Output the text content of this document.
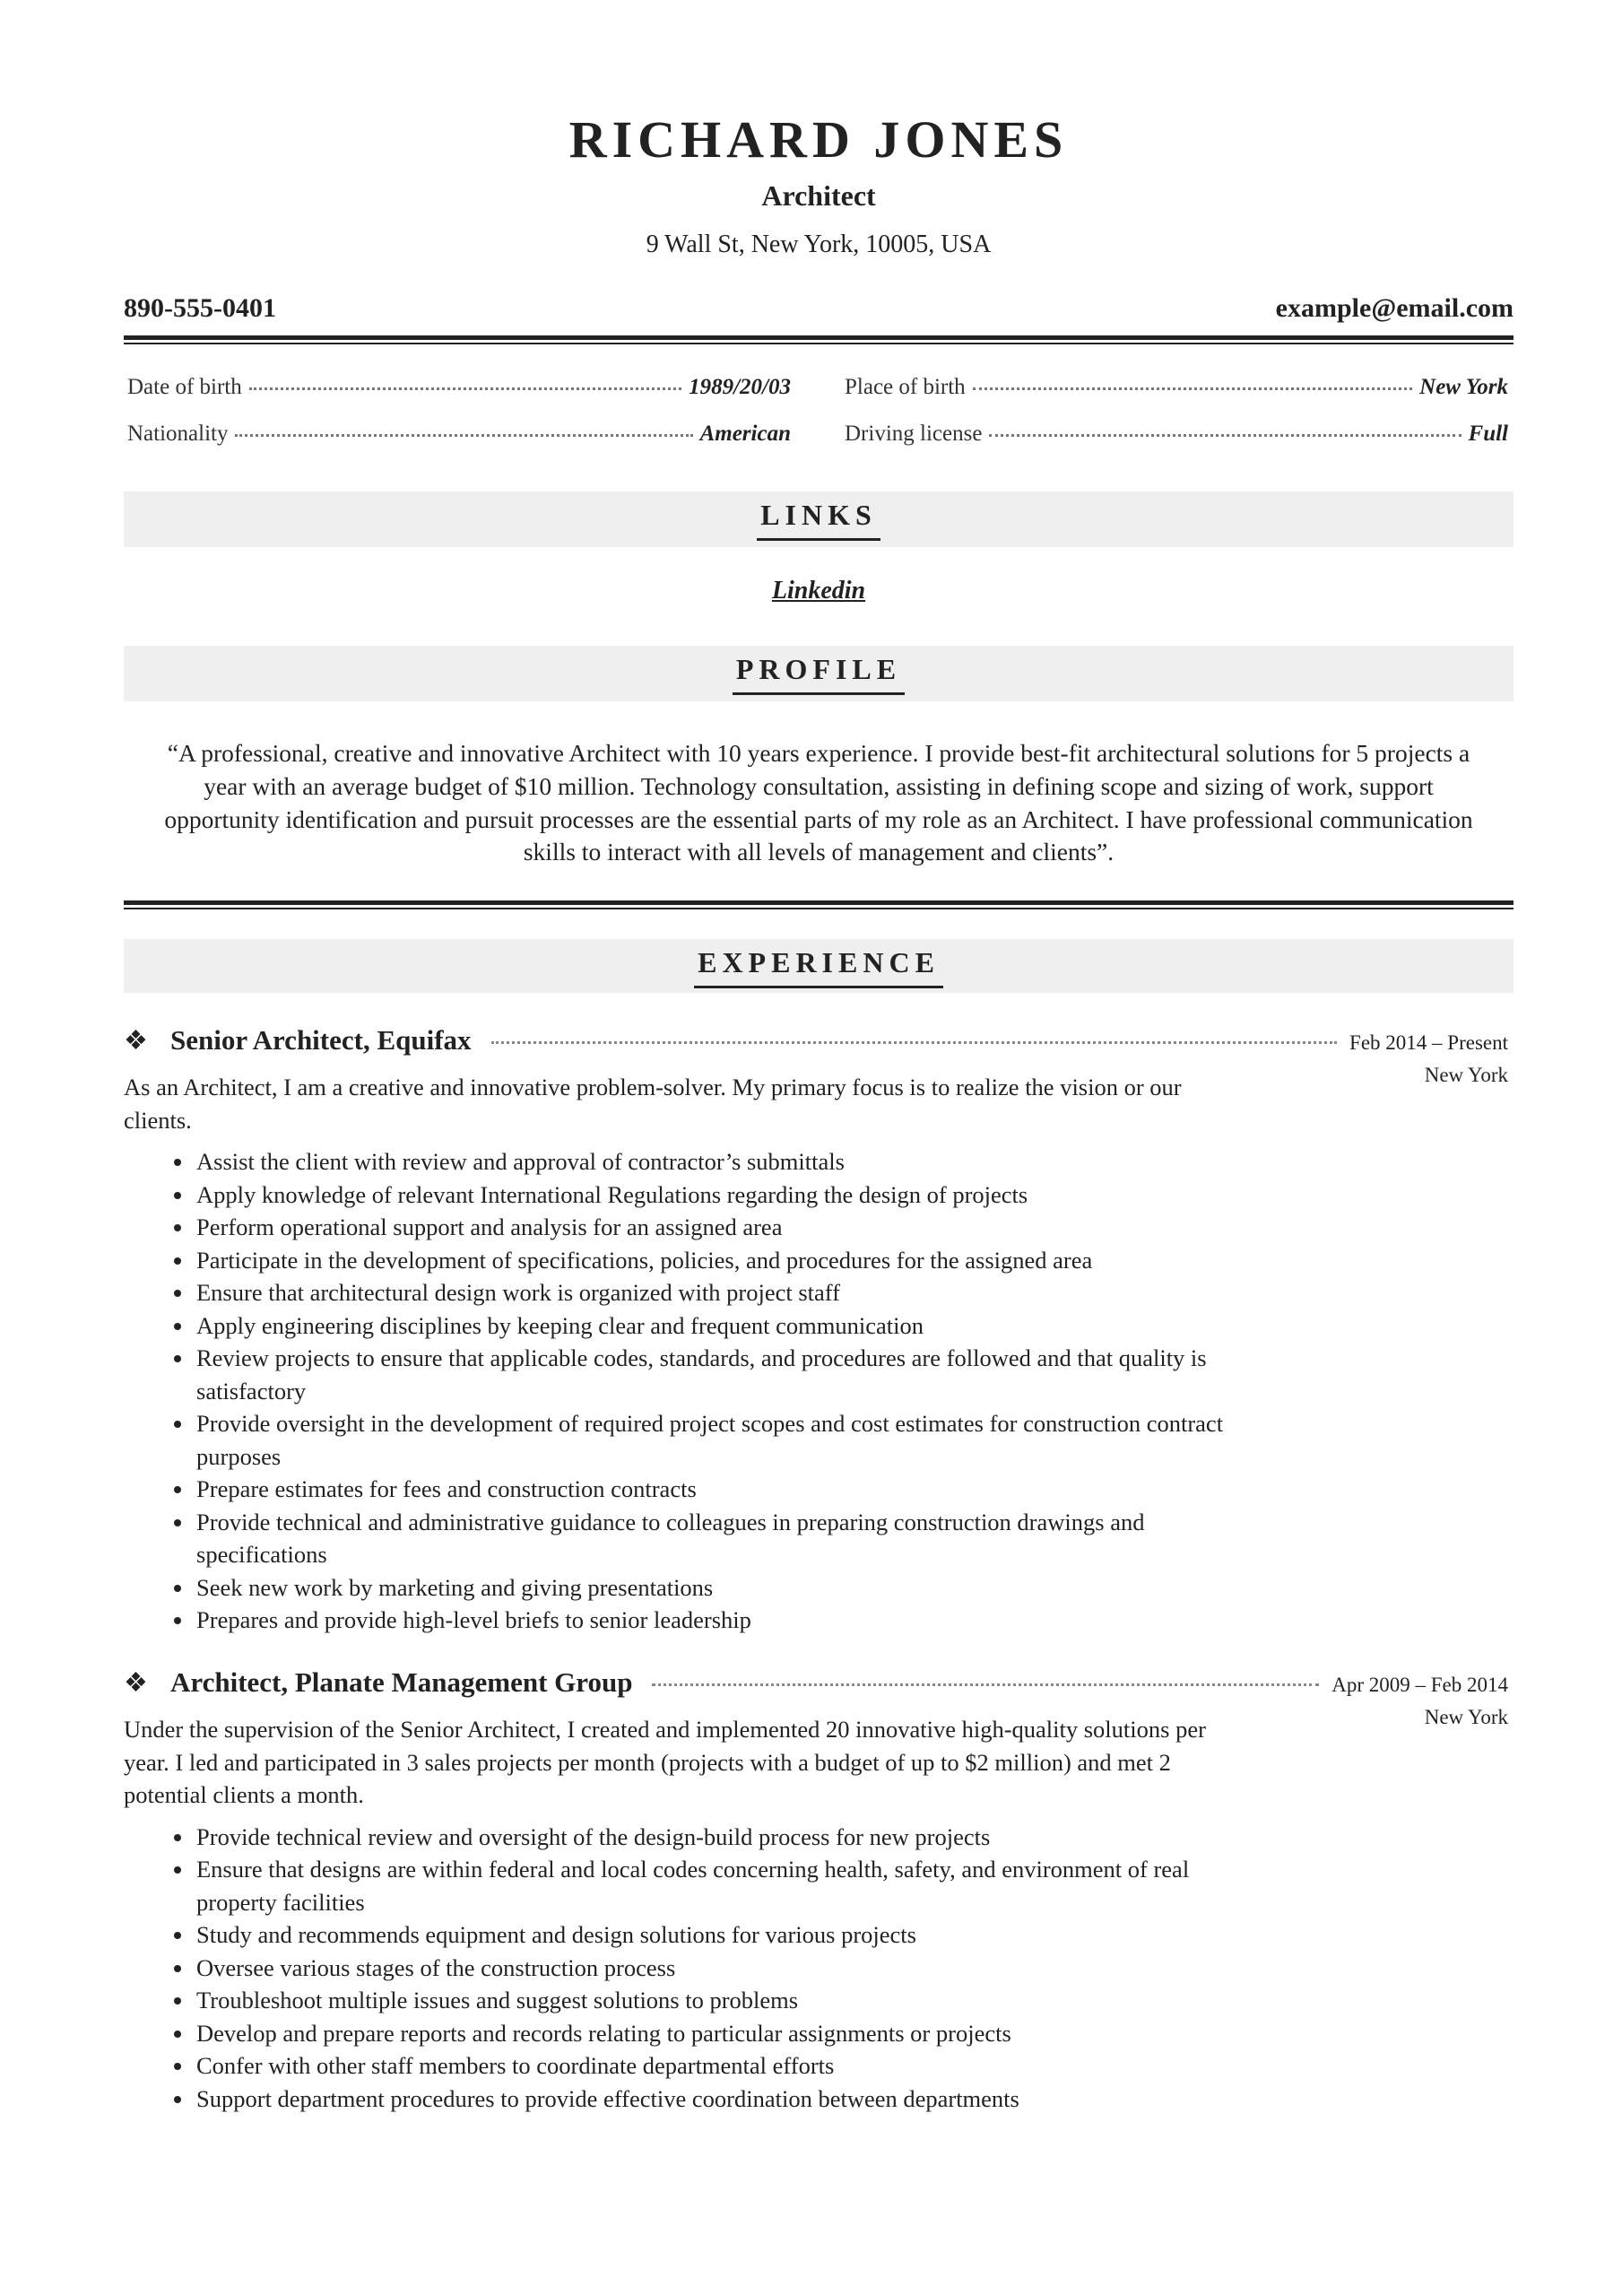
RICHARD JONES
Architect
9 Wall St, New York, 10005, USA
890-555-0401	example@email.com
Date of birth	1989/20/03 Place of birth	New York
Nationality	American Driving license	Full
LINKS
Linkedin
PROFILE
“A professional, creative and innovative Architect with 10 years experience. I provide best-fit architectural solutions for 5 projects a year with an average budget of $10 million. Technology consultation, assisting in defining scope and sizing of work, support opportunity identification and pursuit processes are the essential parts of my role as an Architect. I have professional communication skills to interact with all levels of management and clients”.
EXPERIENCE
❖ Senior Architect, Equifax	Feb 2014 – Present
New York
As an Architect, I am a creative and innovative problem-solver. My primary focus is to realize the vision or our clients.
• Assist the client with review and approval of contractor’s submittals
• Apply knowledge of relevant International Regulations regarding the design of projects
• Perform operational support and analysis for an assigned area
• Participate in the development of specifications, policies, and procedures for the assigned area
• Ensure that architectural design work is organized with project staff
• Apply engineering disciplines by keeping clear and frequent communication
• Review projects to ensure that applicable codes, standards, and procedures are followed and that quality is satisfactory
• Provide oversight in the development of required project scopes and cost estimates for construction contract purposes
• Prepare estimates for fees and construction contracts
• Provide technical and administrative guidance to colleagues in preparing construction drawings and specifications
• Seek new work by marketing and giving presentations
• Prepares and provide high-level briefs to senior leadership
❖ Architect, Planate Management Group	Apr 2009 – Feb 2014
New York
Under the supervision of the Senior Architect, I created and implemented 20 innovative high-quality solutions per year. I led and participated in 3 sales projects per month (projects with a budget of up to $2 million) and met 2 potential clients a month.
• Provide technical review and oversight of the design-build process for new projects
• Ensure that designs are within federal and local codes concerning health, safety, and environment of real property facilities
• Study and recommends equipment and design solutions for various projects
• Oversee various stages of the construction process
• Troubleshoot multiple issues and suggest solutions to problems
• Develop and prepare reports and records relating to particular assignments or projects
• Confer with other staff members to coordinate departmental efforts
• Support department procedures to provide effective coordination between departments
